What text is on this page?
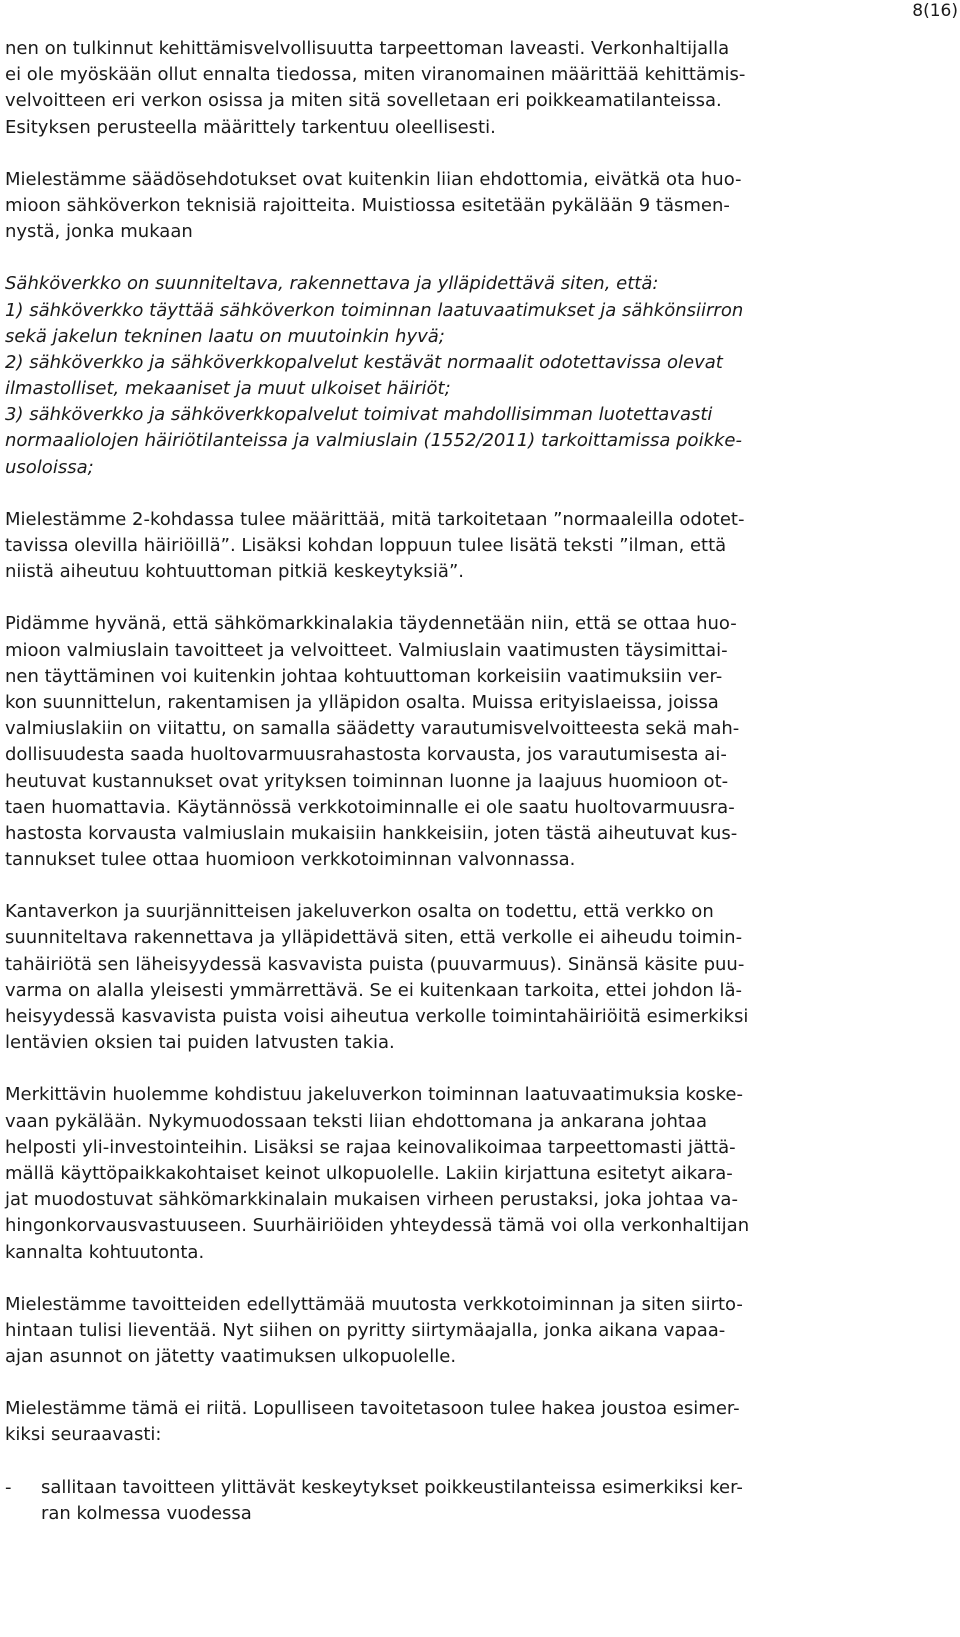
8(16)
nen on tulkinnut kehittämisvelvollisuutta tarpeettoman laveasti. Verkonhaltijalla
ei ole myöskään ollut ennalta tiedossa, miten viranomainen määrittää kehittämis-
velvoitteen eri verkon osissa ja miten sitä sovelletaan eri poikkeamatilanteissa.
Esityksen perusteella määrittely tarkentuu oleellisesti.
Mielestämme säädösehdotukset ovat kuitenkin liian ehdottomia, eivätkä ota huo-
mioon sähköverkon teknisiä rajoitteita. Muistiossa esitetään pykälään 9 täsmen-
nystä, jonka mukaan
Sähköverkko on suunniteltava, rakennettava ja ylläpidettävä siten, että:
1) sähköverkko täyttää sähköverkon toiminnan laatuvaatimukset ja sähkönsiirron
sekä jakelun tekninen laatu on muutoinkin hyvä;
2) sähköverkko ja sähköverkkopalvelut kestävät normaalit odotettavissa olevat
ilmastolliset, mekaaniset ja muut ulkoiset häiriöt;
3) sähköverkko ja sähköverkkopalvelut toimivat mahdollisimman luotettavasti
normaaliolojen häiriötilanteissa ja valmiuslain (1552/2011) tarkoittamissa poikke-
usoloissa;
Mielestämme 2-kohdassa tulee määrittää, mitä tarkoitetaan ”normaaleilla odotet-
tavissa olevilla häiriöillä”. Lisäksi kohdan loppuun tulee lisätä teksti ”ilman, että
niistä aiheutuu kohtuuttoman pitkiä keskeytyksiä”.
Pidämme hyvänä, että sähkömarkkinalakia täydennetään niin, että se ottaa huo-
mioon valmiuslain tavoitteet ja velvoitteet. Valmiuslain vaatimusten täysimittai-
nen täyttäminen voi kuitenkin johtaa kohtuuttoman korkeisiin vaatimuksiin ver-
kon suunnittelun, rakentamisen ja ylläpidon osalta. Muissa erityislaeissa, joissa
valmiuslakiin on viitattu, on samalla säädetty varautumisvelvoitteesta sekä mah-
dollisuudesta saada huoltovarmuusrahastosta korvausta, jos varautumisesta ai-
heutuvat kustannukset ovat yrityksen toiminnan luonne ja laajuus huomioon ot-
taen huomattavia. Käytännössä verkkotoiminnalle ei ole saatu huoltovarmuusra-
hastosta korvausta valmiuslain mukaisiin hankkeisiin, joten tästä aiheutuvat kus-
tannukset tulee ottaa huomioon verkkotoiminnan valvonnassa.
Kantaverkon ja suurjännitteisen jakeluverkon osalta on todettu, että verkko on
suunniteltava rakennettava ja ylläpidettävä siten, että verkolle ei aiheudu toimin-
tahäiriötä sen läheisyydessä kasvavista puista (puuvarmuus). Sinänsä käsite puu-
varma on alalla yleisesti ymmärrettävä. Se ei kuitenkaan tarkoita, ettei johdon lä-
heisyydessä kasvavista puista voisi aiheutua verkolle toimintahäiriöitä esimerkiksi
lentävien oksien tai puiden latvusten takia.
Merkittävin huolemme kohdistuu jakeluverkon toiminnan laatuvaatimuksia koske-
vaan pykälään. Nykymuodossaan teksti liian ehdottomana ja ankarana johtaa
helposti yli-investointeihin. Lisäksi se rajaa keinovalikoimaa tarpeettomasti jättä-
mällä käyttöpaikkakohtaiset keinot ulkopuolelle. Lakiin kirjattuna esitetyt aikara-
jat muodostuvat sähkömarkkinalain mukaisen virheen perustaksi, joka johtaa va-
hingonkorvausvastuuseen. Suurhäiriöiden yhteydessä tämä voi olla verkonhaltijan
kannalta kohtuutonta.
Mielestämme tavoitteiden edellyttämää muutosta verkkotoiminnan ja siten siirto-
hintaan tulisi lieventää. Nyt siihen on pyritty siirtymäajalla, jonka aikana vapaa-
ajan asunnot on jätetty vaatimuksen ulkopuolelle.
Mielestämme tämä ei riitä. Lopulliseen tavoitetasoon tulee hakea joustoa esimer-
kiksi seuraavasti:
- sallitaan tavoitteen ylittävät keskeytykset poikkeustilanteissa esimerkiksi ker-
ran kolmessa vuodessa
